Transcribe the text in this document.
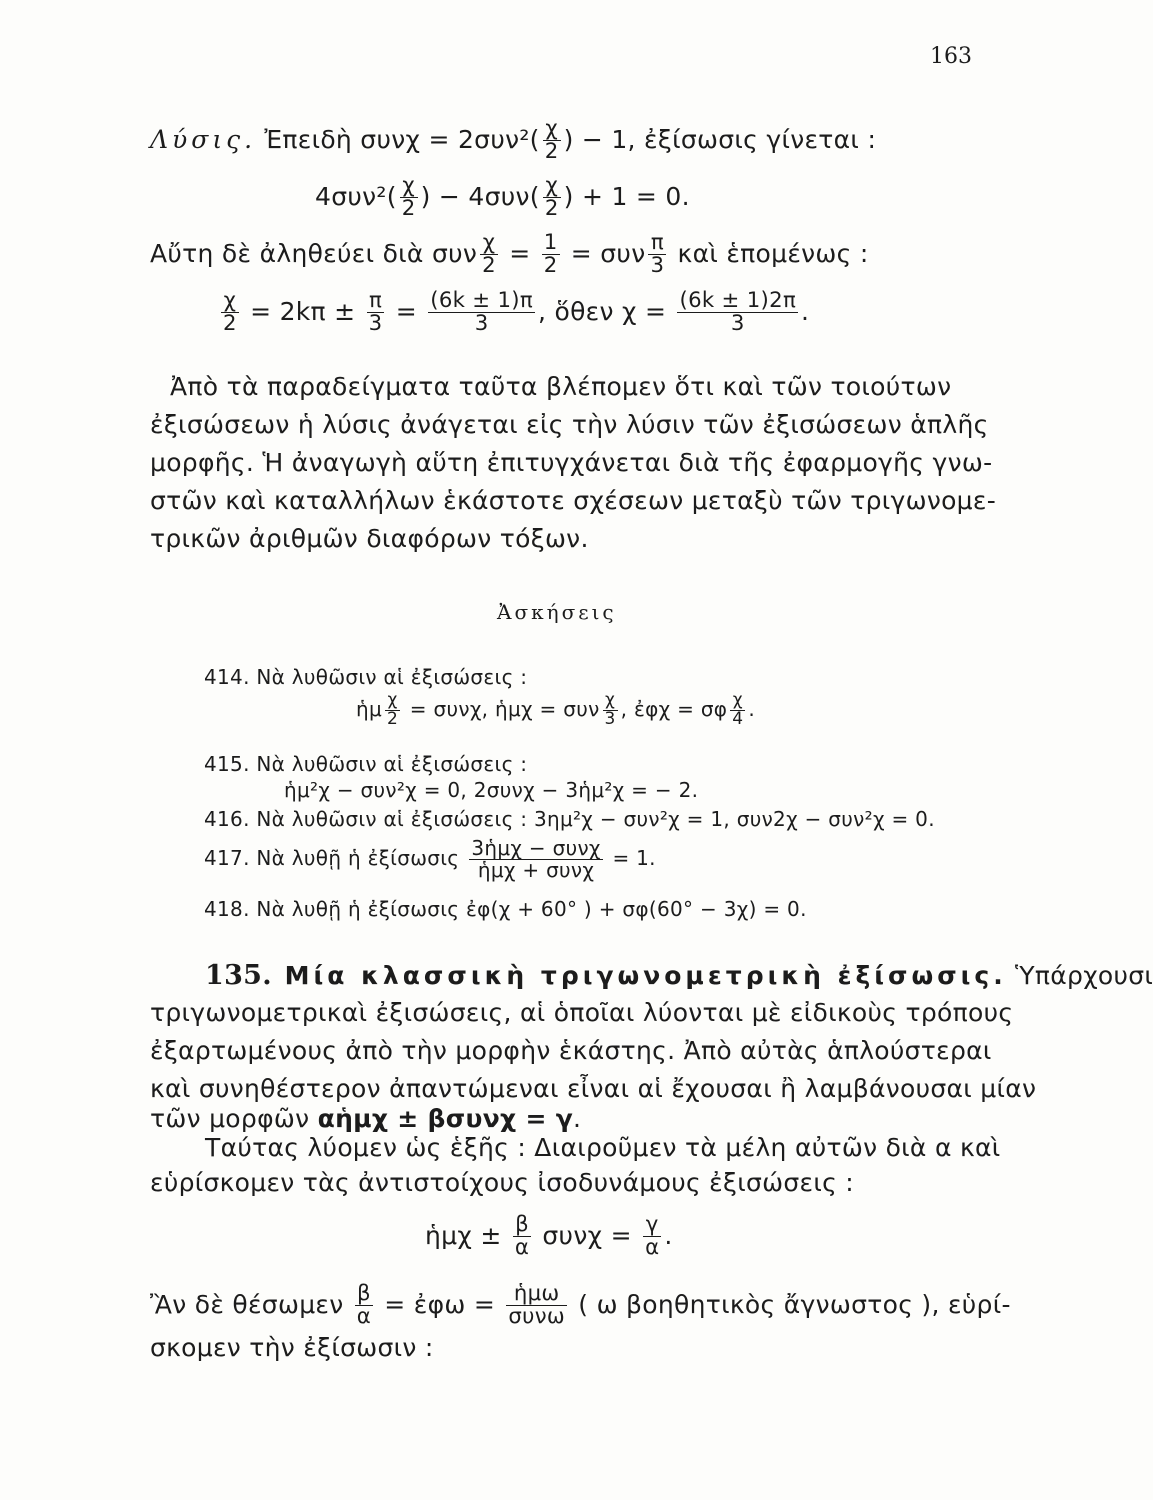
163
Λύσις. Ἐπειδὴ $\sigma\upsilon\nu\chi = 2\sigma\upsilon\nu^2( \frac{\chi}{2}$ ) − 1, ἐξίσωσις γίνεται :
$4\sigma\upsilon\nu^2( \frac{\chi}{2}$ ) − $4\sigma\upsilon\nu( \frac{\chi}{2}$ ) + 1 = 0.
Αὔτη δὲ ἀληθεύει διὰ συν $\frac{\chi}{2} = \frac{1}{2} = \sigma\upsilon\nu \frac{\pi}{3}$ καὶ ἑπομένως :
$\frac{\chi}{2} = 2k\pi \pm \frac{\pi}{3} = \frac{(6k \pm 1)\pi}{3}$ , ὅθεν $\chi = \frac{(6k \pm 1)2\pi}{3}$ .
Ἀπὸ τὰ παραδείγματα ταῦτα βλέπομεν ὅτι καὶ τῶν τοιούτων
ἐξισώσεων ἡ λύσις ἀνάγεται εἰς τὴν λύσιν τῶν ἐξισώσεων ἁπλῆς
μορφῆς. Ἡ ἀναγωγὴ αὕτη ἐπιτυγχάνεται διὰ τῆς ἐφαρμογῆς γνω-
στῶν καὶ καταλλήλων ἑκάστοτε σχέσεων μεταξὺ τῶν τριγωνομε-
τρικῶν ἀριθμῶν διαφόρων τόξων.
Ἀσκήσεις
414. Νὰ λυθῶσιν αἱ ἐξισώσεις :
ἡμ $\frac{\chi}{2} = \sigma\upsilon\nu\chi$, ἡμχ = συν $\frac{\chi}{3}$ , ἐφχ = σφ $\frac{\chi}{4}$ .
415. Νὰ λυθῶσιν αἱ ἐξισώσεις :
ἡμ²χ − συν²χ = 0, 2συνχ − 3ἡμ²χ = − 2.
416. Νὰ λυθῶσιν αἱ ἐξισώσεις : 3ημ²χ − συν²χ = 1, συν2χ − συν²χ = 0.
417. Νὰ λυθῇ ἡ ἐξίσωσις $\frac{\text{3ἡμχ − συνχ}}{\text{ἡμχ + συνχ}} = 1$.
418. Νὰ λυθῇ ἡ ἐξίσωσις ἐφ(χ + 60° ) + σφ(60° − 3χ) = 0.
135. Μία κλασσικὴ τριγωνομετρικὴ ἐξίσωσις. Ὑπάρχουσι
τριγωνομετρικαὶ ἐξισώσεις, αἱ ὁποῖαι λύονται μὲ εἰδικοὺς τρόπους
ἐξαρτωμένους ἀπὸ τὴν μορφὴν ἑκάστης. Ἀπὸ αὐτὰς ἁπλούστεραι
καὶ συνηθέστερον ἀπαντώμεναι εἶναι αἱ ἔχουσαι ἢ λαμβάνουσαι μίαν
τῶν μορφῶν αἡμχ ± βσυνχ = γ.
Ταύτας λύομεν ὡς ἑξῆς : Διαιροῦμεν τὰ μέλη αὐτῶν διὰ α καὶ
εὑρίσκομεν τὰς ἀντιστοίχους ἰσοδυνάμους ἐξισώσεις :
ἡμχ ± $\frac{\beta}{\alpha}$ $\sigma\upsilon\nu\chi = \frac{\gamma}{\alpha}$ .
Ἂν δὲ θέσωμεν $\frac{\beta}{\alpha}$ = ἐφω = $\frac{\text{ἡμω}}{\text{συνω}}$ ( ω βοηθητικὸς ἄγνωστος ), εὑρί-
σκομεν τὴν ἐξίσωσιν :
